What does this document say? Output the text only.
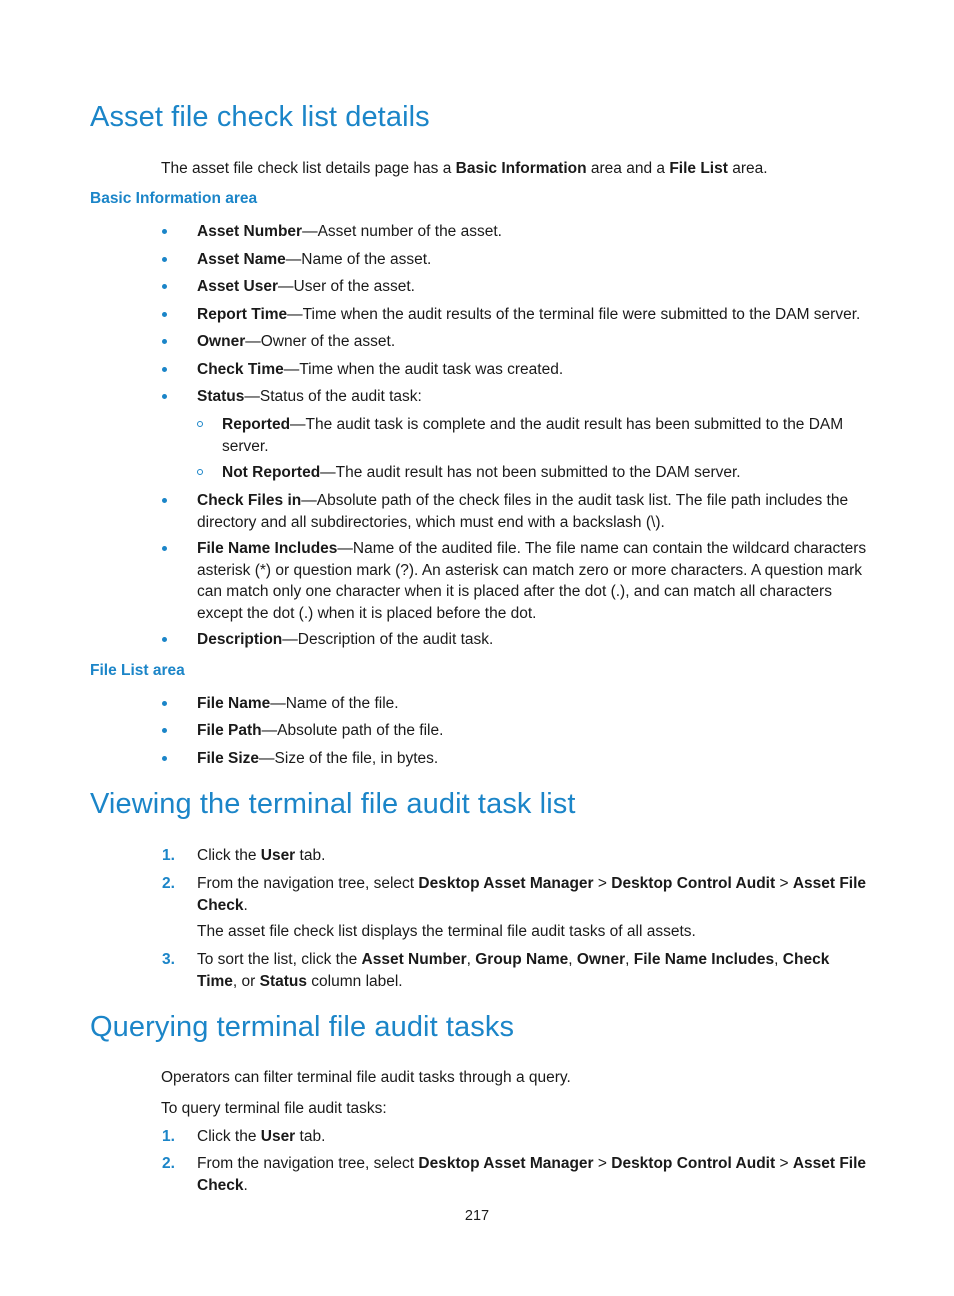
Asset file check list details

The asset file check list details page has a Basic Information area and a File List area.

Basic Information area
Asset Number—Asset number of the asset.
Asset Name—Name of the asset.
Asset User—User of the asset.
Report Time—Time when the audit results of the terminal file were submitted to the DAM server.
Owner—Owner of the asset.
Check Time—Time when the audit task was created.
Status—Status of the audit task:
Reported—The audit task is complete and the audit result has been submitted to the DAM server.
Not Reported—The audit result has not been submitted to the DAM server.
Check Files in—Absolute path of the check files in the audit task list. The file path includes the directory and all subdirectories, which must end with a backslash (\).
File Name Includes—Name of the audited file. The file name can contain the wildcard characters asterisk (*) or question mark (?). An asterisk can match zero or more characters. A question mark can match only one character when it is placed after the dot (.), and can match all characters except the dot (.) when it is placed before the dot.
Description—Description of the audit task.
File List area
File Name—Name of the file.
File Path—Absolute path of the file.
File Size—Size of the file, in bytes.
Viewing the terminal file audit task list
1.	Click the User tab.
2.	From the navigation tree, select Desktop Asset Manager > Desktop Control Audit > Asset File Check.

The asset file check list displays the terminal file audit tasks of all assets.

3.	To sort the list, click the Asset Number, Group Name, Owner, File Name Includes, Check Time, or Status column label.
Querying terminal file audit tasks

Operators can filter terminal file audit tasks through a query.

To query terminal file audit tasks:

1.	Click the User tab.
2.	From the navigation tree, select Desktop Asset Manager > Desktop Control Audit > Asset File Check.
217
